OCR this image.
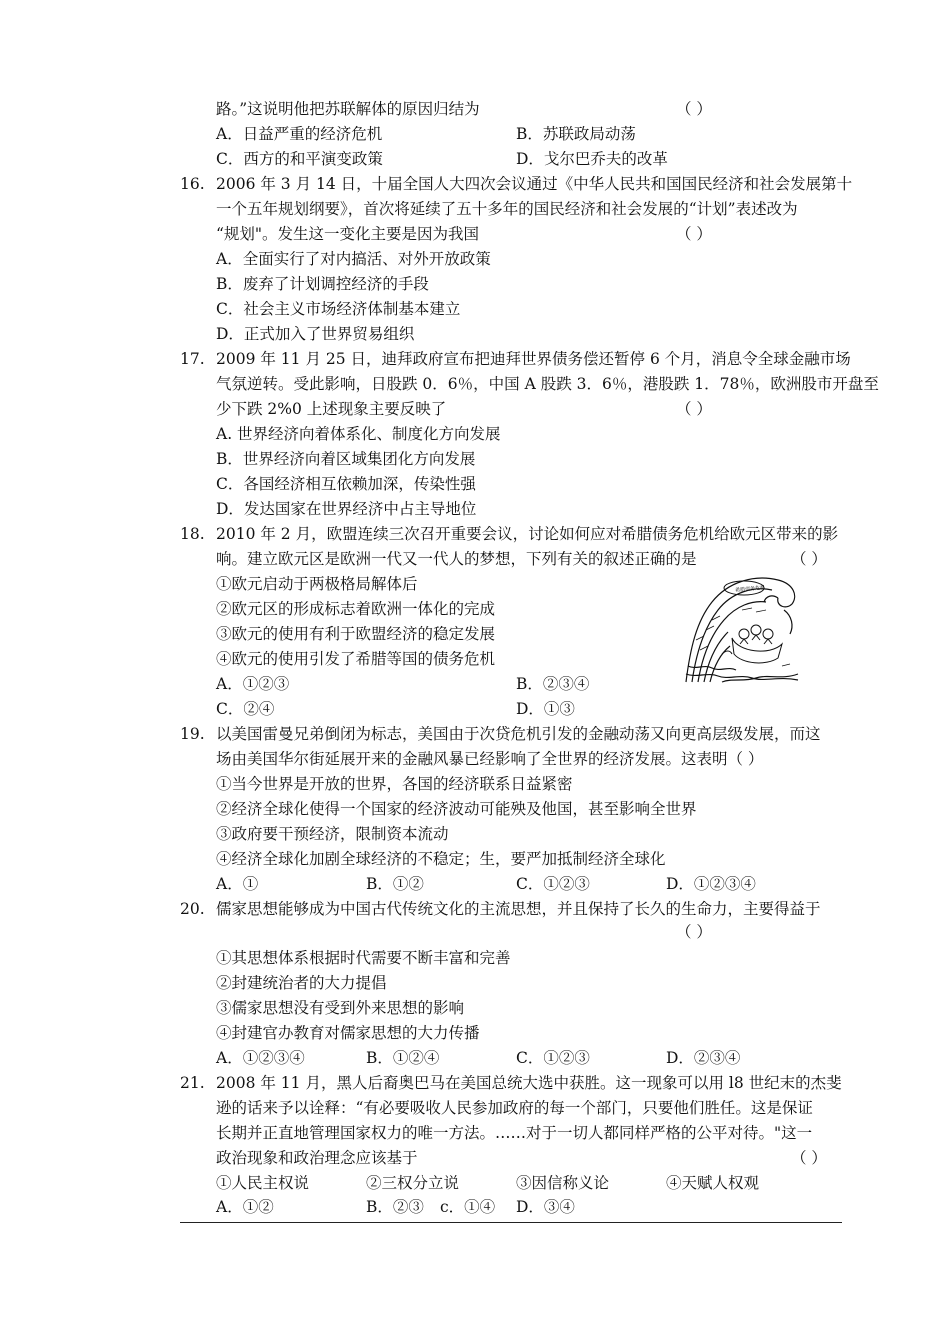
路。”这说明他把苏联解体的原因归结为	（ ）
A．日益严重的经济危机	B．苏联政局动荡
C．西方的和平演变政策	D．戈尔巴乔夫的改革
16. 2006 年 3 月 14 日，十届全国人大四次会议通过《中华人民共和国国民经济和社会发展第十
一个五年规划纲要》，首次将延续了五十多年的国民经济和社会发展的“计划”表述改为
“规划"。发生这一变化主要是因为我国	（ ）
A．全面实行了对内搞活、对外开放政策
B．废弃了计划调控经济的手段
C．社会主义市场经济体制基本建立
D．正式加入了世界贸易组织
17. 2009 年 11 月 25 日，迪拜政府宣布把迪拜世界债务偿还暂停 6 个月，消息令全球金融市场
气氛逆转。受此影响，日股跌 0．6％，中国 A 股跌 3．6％，港股跌 1．78％，欧洲股市开盘至
少下跌 2%0 上述现象主要反映了	（ ）
A. 世界经济向着体系化、制度化方向发展
B．世界经济向着区域集团化方向发展
C．各国经济相互依赖加深，传染性强
D．发达国家在世界经济中占主导地位
18. 2010 年 2 月，欧盟连续三次召开重要会议，讨论如何应对希腊债务危机给欧元区带来的影
响。建立欧元区是欧洲一代又一代人的梦想，下列有关的叙述正确的是	（ ）
①欧元启动于两极格局解体后
②欧元区的形成标志着欧洲一体化的完成
③欧元的使用有利于欧盟经济的稳定发展
④欧元的使用引发了希腊等国的债务危机
A．①②③	B．②③④
C．②④	D．①③
希腊债务危机
19. 以美国雷曼兄弟倒闭为标志，美国由于次贷危机引发的金融动荡又向更高层级发展，而这
场由美国华尔街延展开来的金融风暴已经影响了全世界的经济发展。这表明（ ）
①当今世界是开放的世界，各国的经济联系日益紧密
②经济全球化使得一个国家的经济波动可能殃及他国，甚至影响全世界
③政府要干预经济，限制资本流动
④经济全球化加剧全球经济的不稳定；生，要严加抵制经济全球化
A．①	B．①②	C．①②③	D．①②③④
20. 儒家思想能够成为中国古代传统文化的主流思想，并且保持了长久的生命力，主要得益于
（ ）
①其思想体系根据时代需要不断丰富和完善
②封建统治者的大力提倡
③儒家思想没有受到外来思想的影响
④封建官办教育对儒家思想的大力传播
A．①②③④	B．①②④	C．①②③	D．②③④
21. 2008 年 11 月，黑人后裔奥巴马在美国总统大选中获胜。这一现象可以用 l8 世纪末的杰斐
逊的话来予以诠释：“有必要吸收人民参加政府的每一个部门，只要他们胜任。这是保证
长期并正直地管理国家权力的唯一方法。……对于一切人都同样严格的公平对待。"这一
政治现象和政治理念应该基于	（ ）
①人民主权说	②三权分立说	③因信称义论	④天赋人权观
A．①②	B．②③ c．①④ D．③④
